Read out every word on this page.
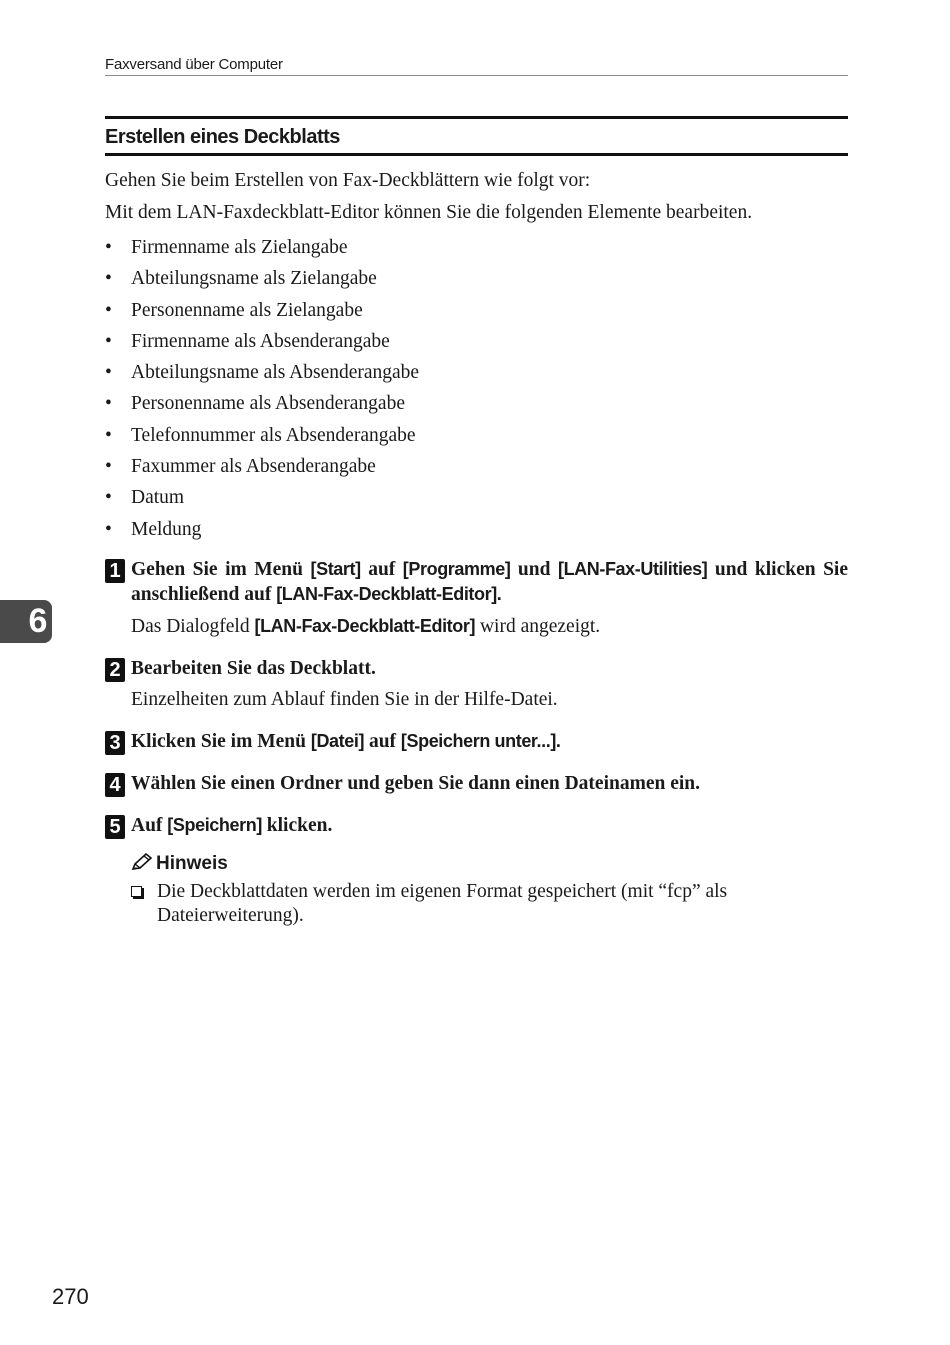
Faxversand über Computer
Erstellen eines Deckblatts

Gehen Sie beim Erstellen von Fax-Deckblättern wie folgt vor:

Mit dem LAN-Faxdeckblatt-Editor können Sie die folgenden Elemente bearbeiten.

• Firmenname als Zielangabe
• Abteilungsname als Zielangabe
• Personenname als Zielangabe
• Firmenname als Absenderangabe
• Abteilungsname als Absenderangabe
• Personenname als Absenderangabe
• Telefonnummer als Absenderangabe
• Faxummer als Absenderangabe
• Datum
• Meldung
1 Gehen Sie im Menü [Start] auf [Programme] und [LAN-Fax-Utilities] und klicken Sie anschließend auf [LAN-Fax-Deckblatt-Editor].

Das Dialogfeld [LAN-Fax-Deckblatt-Editor] wird angezeigt.

2 Bearbeiten Sie das Deckblatt.

Einzelheiten zum Ablauf finden Sie in der Hilfe-Datei.

3 Klicken Sie im Menü [Datei] auf [Speichern unter...].

4 Wählen Sie einen Ordner und geben Sie dann einen Dateinamen ein.

5 Auf [Speichern] klicken.

Hinweis
Die Deckblattdaten werden im eigenen Format gespeichert (mit “fcp” als Dateierweiterung).
6
270
